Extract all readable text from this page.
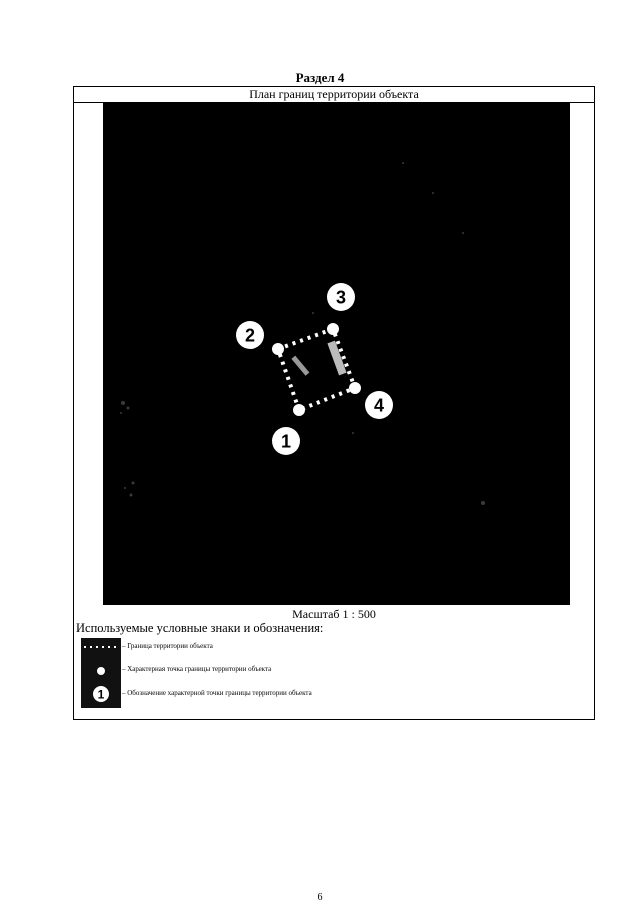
Раздел 4
План границ территории объекта
1
2
3
4
Масштаб 1 : 500
Используемые условные знаки и обозначения:
1
– Граница территории объекта
– Характерная точка границы территории объекта
– Обозначение характерной точки границы территории объекта
6
